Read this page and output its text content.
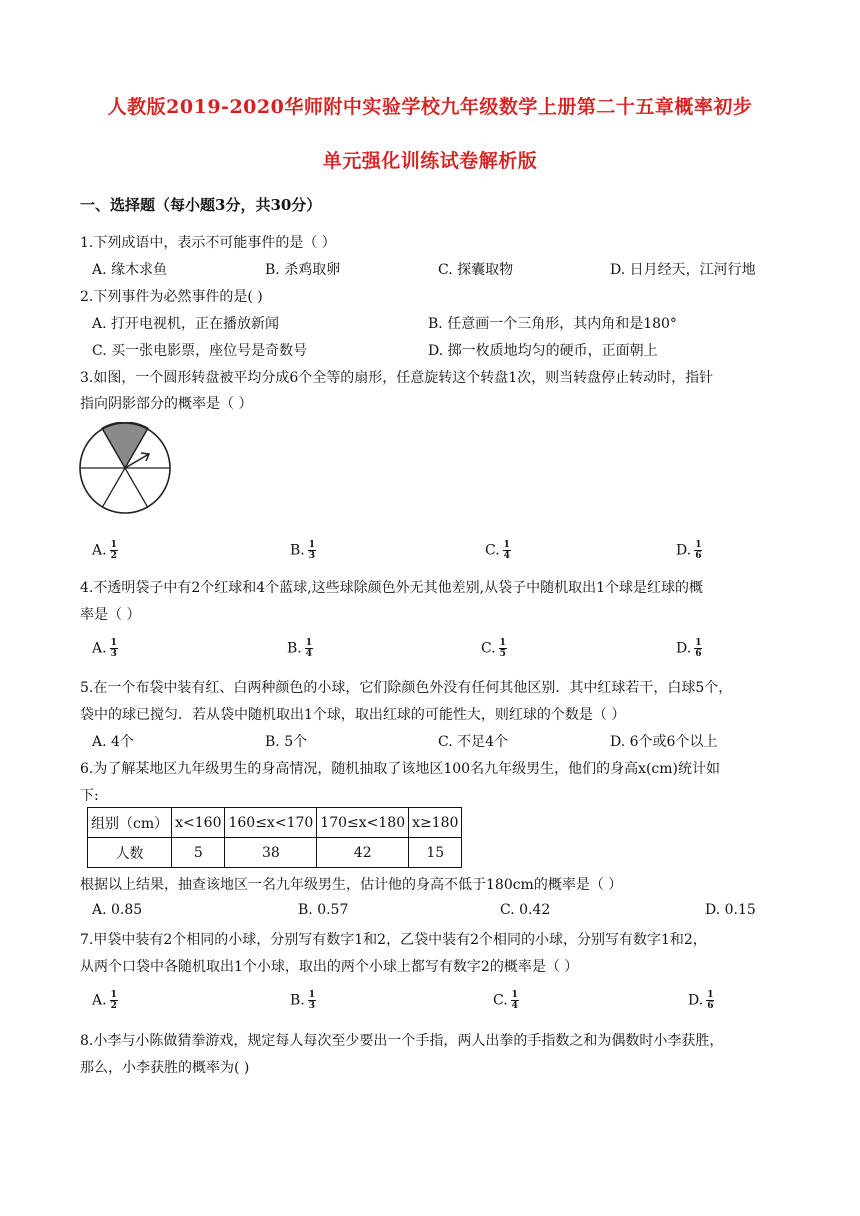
人教版2019-2020华师附中实验学校九年级数学上册第二十五章概率初步
单元强化训练试卷解析版
一、选择题（每小题3分，共30分）
1.下列成语中，表示不可能事件的是（ ）
A. 缘木求鱼	B. 杀鸡取卵	C. 探囊取物	D. 日月经天，江河行地
2.下列事件为必然事件的是( )
A. 打开电视机，正在播放新闻	B. 任意画一个三角形，其内角和是180°
C. 买一张电影票，座位号是奇数号	D. 掷一枚质地均匀的硬币，正面朝上
3.如图，一个圆形转盘被平均分成6个全等的扇形，任意旋转这个转盘1次，则当转盘停止转动时，指针
指向阴影部分的概率是（ ）
A. $\frac{1}{2}$	B. $\frac{1}{3}$	C. $\frac{1}{4}$	D. $\frac{1}{6}$
4.不透明袋子中有2个红球和4个蓝球,这些球除颜色外无其他差别,从袋子中随机取出1个球是红球的概
率是（ ）
A. $\frac{1}{3}$	B. $\frac{1}{4}$	C. $\frac{1}{5}$	D. $\frac{1}{6}$
5.在一个布袋中装有红、白两种颜色的小球，它们除颜色外没有任何其他区别．其中红球若干，白球5个，
袋中的球已搅匀．若从袋中随机取出1个球，取出红球的可能性大，则红球的个数是（ ）
A. 4个	B. 5个	C. 不足4个	D. 6个或6个以上
6.为了解某地区九年级男生的身高情况，随机抽取了该地区100名九年级男生，他们的身高x(cm)统计如
下:
组别（cm）	x<160	160≤x<170	170≤x<180	x≥180
人数	5	38	42	15
根据以上结果，抽查该地区一名九年级男生，估计他的身高不低于180cm的概率是（ ）
A. 0.85	B. 0.57	C. 0.42	D. 0.15
7.甲袋中装有2个相同的小球，分别写有数字1和2，乙袋中装有2个相同的小球，分别写有数字1和2，
从两个口袋中各随机取出1个小球，取出的两个小球上都写有数字2的概率是（ ）
A. $\frac{1}{2}$	B. $\frac{1}{3}$	C. $\frac{1}{4}$	D. $\frac{1}{6}$
8.小李与小陈做猜拳游戏，规定每人每次至少要出一个手指，两人出拳的手指数之和为偶数时小李获胜，
那么，小李获胜的概率为( )
